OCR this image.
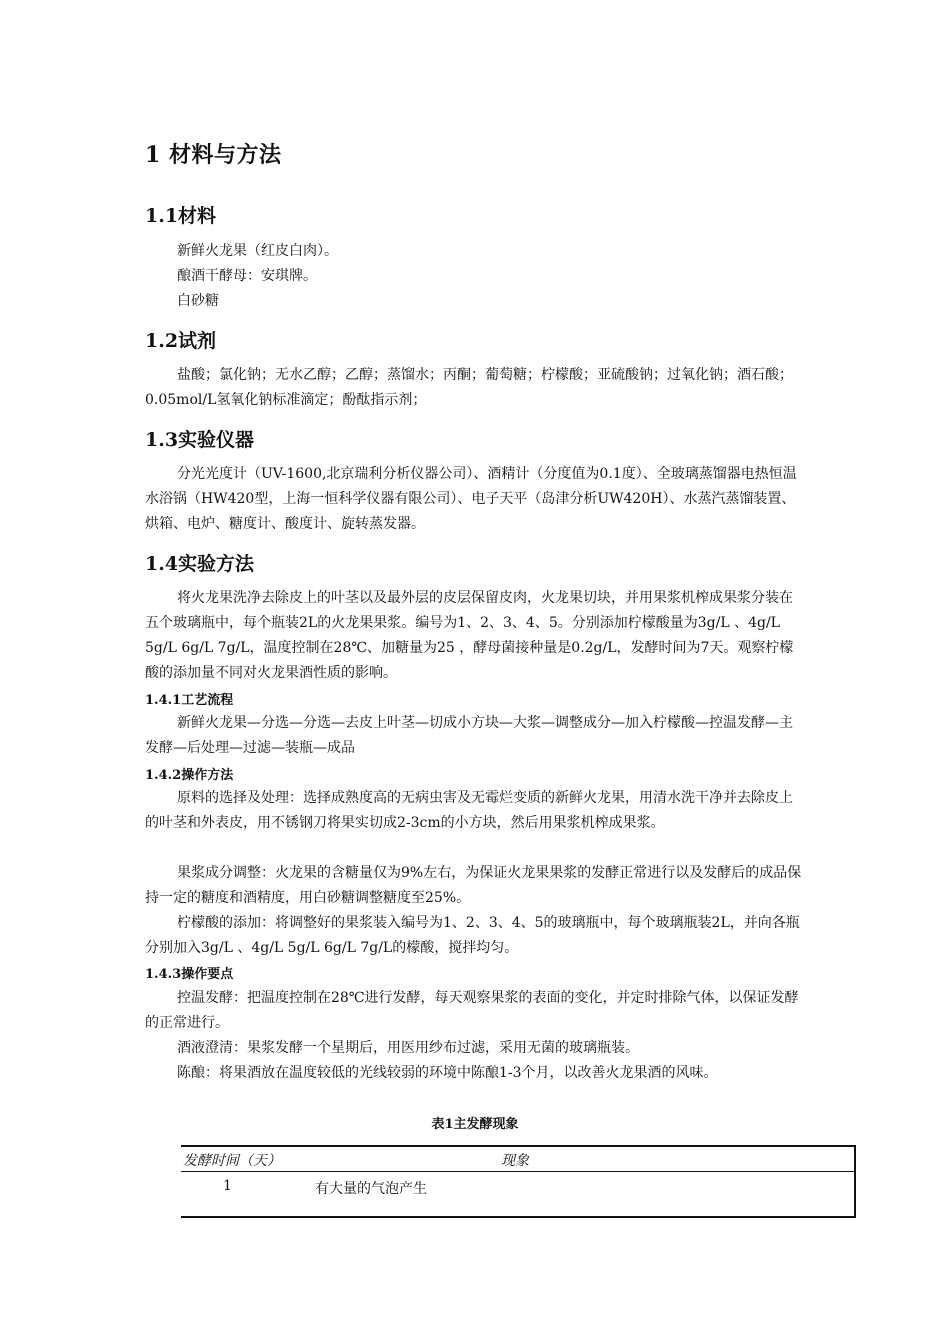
1 材料与方法
1.1材料
新鲜火龙果（红皮白肉）。
酿酒干酵母：安琪牌。
白砂糖
1.2试剂
盐酸；氯化钠；无水乙醇；乙醇；蒸馏水；丙酮；葡萄糖；柠檬酸；亚硫酸钠；过氧化钠；酒石酸；0.05mol/L氢氧化钠标准滴定；酚酞指示剂；
1.3实验仪器
分光光度计（UV-1600,北京瑞利分析仪器公司）、酒精计（分度值为0.1度）、全玻璃蒸馏器电热恒温水浴锅（HW420型，上海一恒科学仪器有限公司）、电子天平（岛津分析UW420H）、水蒸汽蒸馏装置、烘箱、电炉、糖度计、酸度计、旋转蒸发器。
1.4实验方法
将火龙果洗净去除皮上的叶茎以及最外层的皮层保留皮肉，火龙果切块，并用果浆机榨成果浆分装在五个玻璃瓶中，每个瓶装2L的火龙果果浆。编号为1、2、3、4、5。分别添加柠檬酸量为3g/L 、4g/L 5g/L 6g/L 7g/L，温度控制在28℃、加糖量为25 ，酵母菌接种量是0.2g/L，发酵时间为7天。观察柠檬酸的添加量不同对火龙果酒性质的影响。
1.4.1工艺流程
新鲜火龙果—分选—分选—去皮上叶茎—切成小方块—大浆—调整成分—加入柠檬酸—控温发酵—主发酵—后处理—过滤—装瓶—成品
1.4.2操作方法
原料的选择及处理：选择成熟度高的无病虫害及无霉烂变质的新鲜火龙果，用清水洗干净并去除皮上的叶茎和外表皮，用不锈钢刀将果实切成2-3cm的小方块，然后用果浆机榨成果浆。
果浆成分调整：火龙果的含糖量仅为9%左右，为保证火龙果果浆的发酵正常进行以及发酵后的成品保持一定的糖度和酒精度，用白砂糖调整糖度至25%。
柠檬酸的添加：将调整好的果浆装入编号为1、2、3、4、5的玻璃瓶中，每个玻璃瓶装2L，并向各瓶分别加入3g/L 、4g/L 5g/L 6g/L 7g/L的檬酸，搅拌均匀。
1.4.3操作要点
控温发酵：把温度控制在28℃进行发酵，每天观察果浆的表面的变化，并定时排除气体，以保证发酵的正常进行。
酒液澄清：果浆发酵一个星期后，用医用纱布过滤，采用无菌的玻璃瓶装。
陈酿：将果酒放在温度较低的光线较弱的环境中陈酿1-3个月，以改善火龙果酒的风味。
表1主发酵现象
发酵时间（天）	现象
1	有大量的气泡产生
